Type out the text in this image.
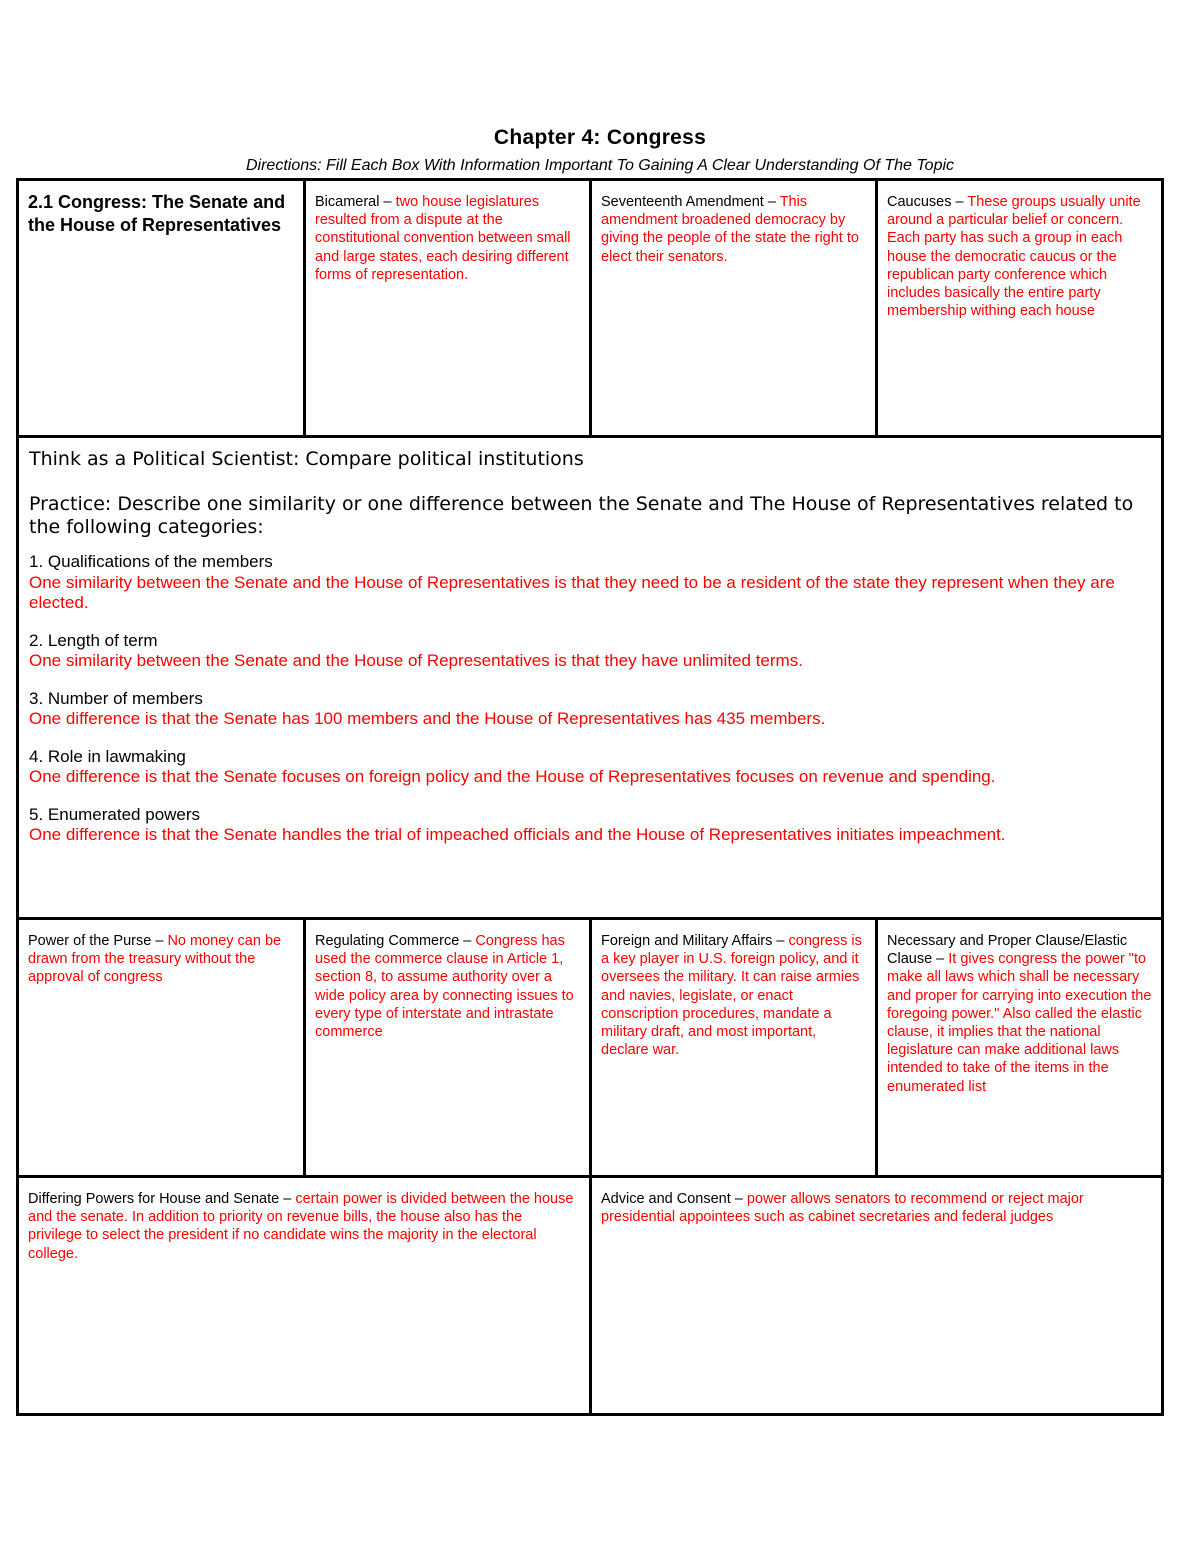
Chapter 4: Congress
Directions: Fill Each Box With Information Important To Gaining A Clear Understanding Of The Topic
2.1 Congress: The Senate and the House of Representatives
Bicameral – two house legislatures resulted from a dispute at the constitutional convention between small and large states, each desiring different forms of representation.
Seventeenth Amendment – This amendment broadened democracy by giving the people of the state the right to elect their senators.
Caucuses – These groups usually unite around a particular belief or concern. Each party has such a group in each house the democratic caucus or the republican party conference which includes basically the entire party membership withing each house
Think as a Political Scientist: Compare political institutions
Practice: Describe one similarity or one difference between the Senate and The House of Representatives related to the following categories:
1. Qualifications of the members
One similarity between the Senate and the House of Representatives is that they need to be a resident of the state they represent when they are elected.
2. Length of term
One similarity between the Senate and the House of Representatives is that they have unlimited terms.
3. Number of members
One difference is that the Senate has 100 members and the House of Representatives has 435 members.
4. Role in lawmaking
One difference is that the Senate focuses on foreign policy and the House of Representatives focuses on revenue and spending.
5. Enumerated powers
One difference is that the Senate handles the trial of impeached officials and the House of Representatives initiates impeachment.
Power of the Purse – No money can be drawn from the treasury without the approval of congress
Regulating Commerce – Congress has used the commerce clause in Article 1, section 8, to assume authority over a wide policy area by connecting issues to every type of interstate and intrastate commerce
Foreign and Military Affairs – congress is a key player in U.S. foreign policy, and it oversees the military. It can raise armies and navies, legislate, or enact conscription procedures, mandate a military draft, and most important, declare war.
Necessary and Proper Clause/Elastic Clause – It gives congress the power "to make all laws which shall be necessary and proper for carrying into execution the foregoing power." Also called the elastic clause, it implies that the national legislature can make additional laws intended to take of the items in the enumerated list
Differing Powers for House and Senate – certain power is divided between the house and the senate. In addition to priority on revenue bills, the house also has the privilege to select the president if no candidate wins the majority in the electoral college.
Advice and Consent – power allows senators to recommend or reject major presidential appointees such as cabinet secretaries and federal judges
